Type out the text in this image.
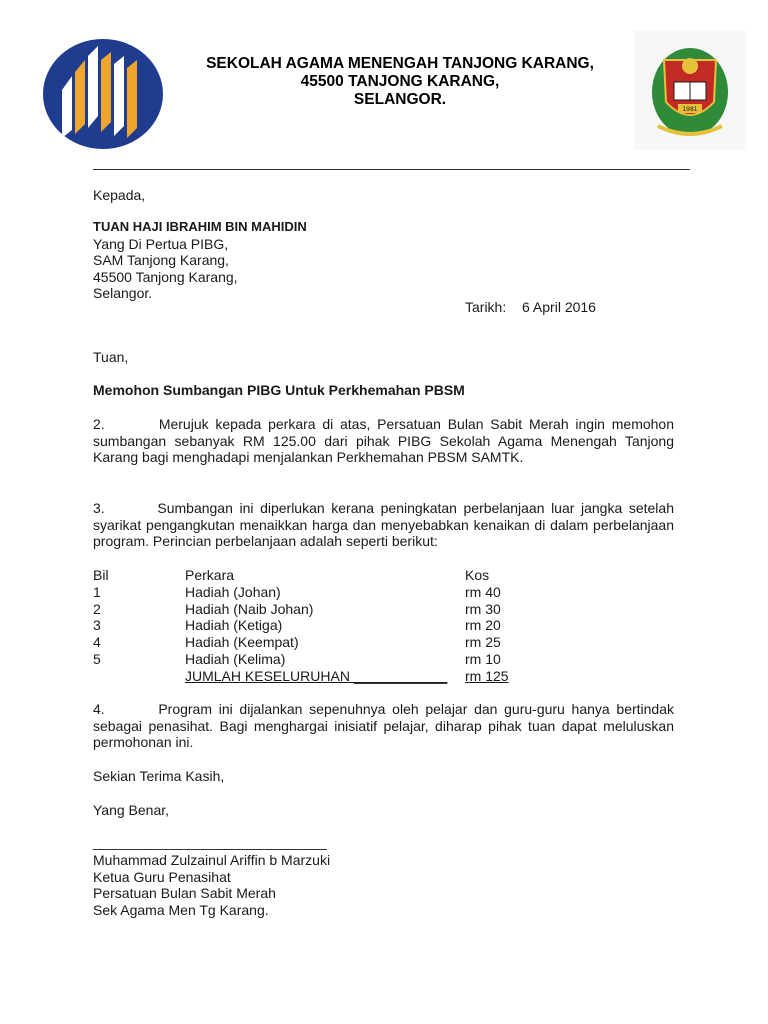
SEKOLAH AGAMA MENENGAH TANJONG KARANG,
45500 TANJONG KARANG,
SELANGOR.
1981
Kepada,
TUAN HAJI IBRAHIM BIN MAHIDIN
Yang Di Pertua PIBG,
SAM Tanjong Karang,
45500 Tanjong Karang,
Selangor.
Tarikh: 6 April 2016
Tuan,
Memohon Sumbangan PIBG Untuk Perkhemahan PBSM
2.        Merujuk kepada perkara di atas, Persatuan Bulan Sabit Merah ingin memohon sumbangan sebanyak RM 125.00 dari pihak PIBG Sekolah Agama Menengah Tanjong Karang bagi menghadapi menjalankan Perkhemahan PBSM SAMTK.
3.        Sumbangan ini diperlukan kerana peningkatan perbelanjaan luar jangka setelah syarikat pengangkutan menaikkan harga dan menyebabkan kenaikan di dalam perbelanjaan program. Perincian perbelanjaan adalah seperti berikut:
Bil	Perkara	Kos
1	Hadiah (Johan)	rm 40
2	Hadiah (Naib Johan)	rm 30
3	Hadiah (Ketiga)	rm 20
4	Hadiah (Keempat)	rm 25
5	Hadiah (Kelima)	rm 10
JUMLAH KESELURUHAN ____________ rm 125
4.        Program ini dijalankan sepenuhnya oleh pelajar dan guru-guru hanya bertindak sebagai penasihat. Bagi menghargai inisiatif pelajar, diharap pihak tuan dapat meluluskan permohonan ini.
Sekian Terima Kasih,
Yang Benar,
________________________________
Muhammad Zulzainul Ariffin b Marzuki
Ketua Guru Penasihat
Persatuan Bulan Sabit Merah
Sek Agama Men Tg Karang.
